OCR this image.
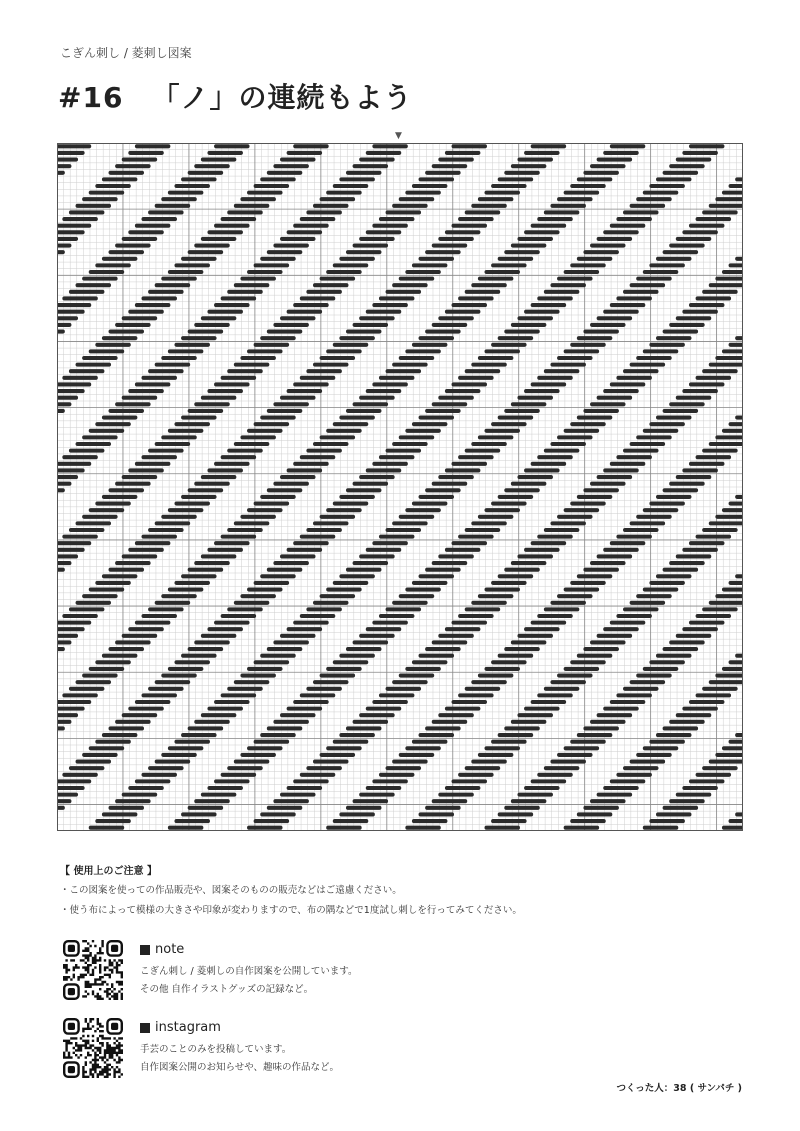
こぎん刺し / 菱刺し図案
#16 「ノ」の連続もよう
▼
【 使用上のご注意 】
・この図案を使っての作品販売や、図案そのものの販売などはご遠慮ください。
・使う布によって模様の大きさや印象が変わりますので、布の隅などで1度試し刺しを行ってみてください。
note
こぎん刺し / 菱刺しの自作図案を公開しています。
その他 自作イラストグッズの記録など。
instagram
手芸のことのみを投稿しています。
自作図案公開のお知らせや、趣味の作品など。
つくった人：38 ( サンパチ )
